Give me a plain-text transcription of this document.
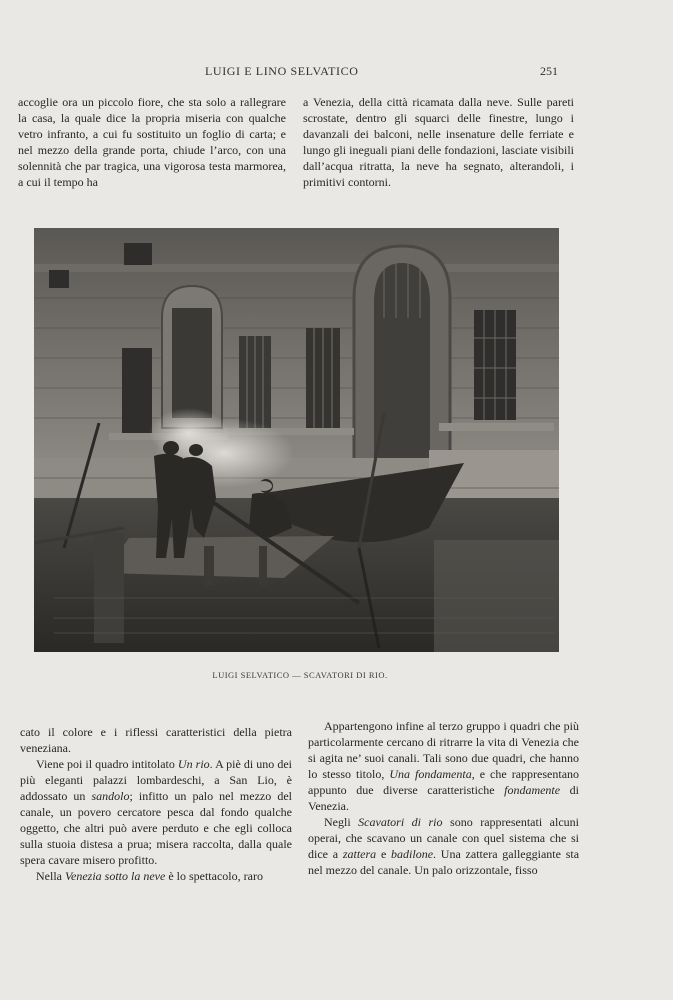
LUIGI E LINO SELVATICO	251

accoglie ora un piccolo fiore, che sta solo a rallegrare la casa, la quale dice la propria miseria con qualche vetro infranto, a cui fu sostituito un foglio di carta; e nel mezzo della grande porta, chiude l’arco, con una solennità che par tragica, una vigorosa testa marmorea, a cui il tempo ha

a Venezia, della città ricamata dalla neve. Sulle pareti scrostate, dentro gli squarci delle finestre, lungo i davanzali dei balconi, nelle insenature delle ferriate e lungo gli ineguali piani delle fondazioni, lasciate visibili dall’acqua ritratta, la neve ha segnato, alterandoli, i primitivi contorni.

LUIGI SELVATICO — SCAVATORI DI RIO.

cato il colore e i riflessi caratteristici della pietra veneziana.

Viene poi il quadro intitolato Un rio. A piè di uno dei più eleganti palazzi lombardeschi, a San Lio, è addossato un sandolo; infitto un palo nel mezzo del canale, un povero cercatore pesca dal fondo qualche oggetto, che altri può avere perduto e che egli colloca sulla stuoia distesa a prua; misera raccolta, dalla quale spera cavare misero profitto.

Nella Venezia sotto la neve è lo spettacolo, raro

Appartengono infine al terzo gruppo i quadri che più particolarmente cercano di ritrarre la vita di Venezia che si agita ne’ suoi canali. Tali sono due quadri, che hanno lo stesso titolo, Una fondamenta, e che rappresentano appunto due diverse caratteristiche fondamente di Venezia.

Negli Scavatori di rio sono rappresentati alcuni operai, che scavano un canale con quel sistema che si dice a zattera e badilone. Una zattera galleggiante sta nel mezzo del canale. Un palo orizzontale, fisso
